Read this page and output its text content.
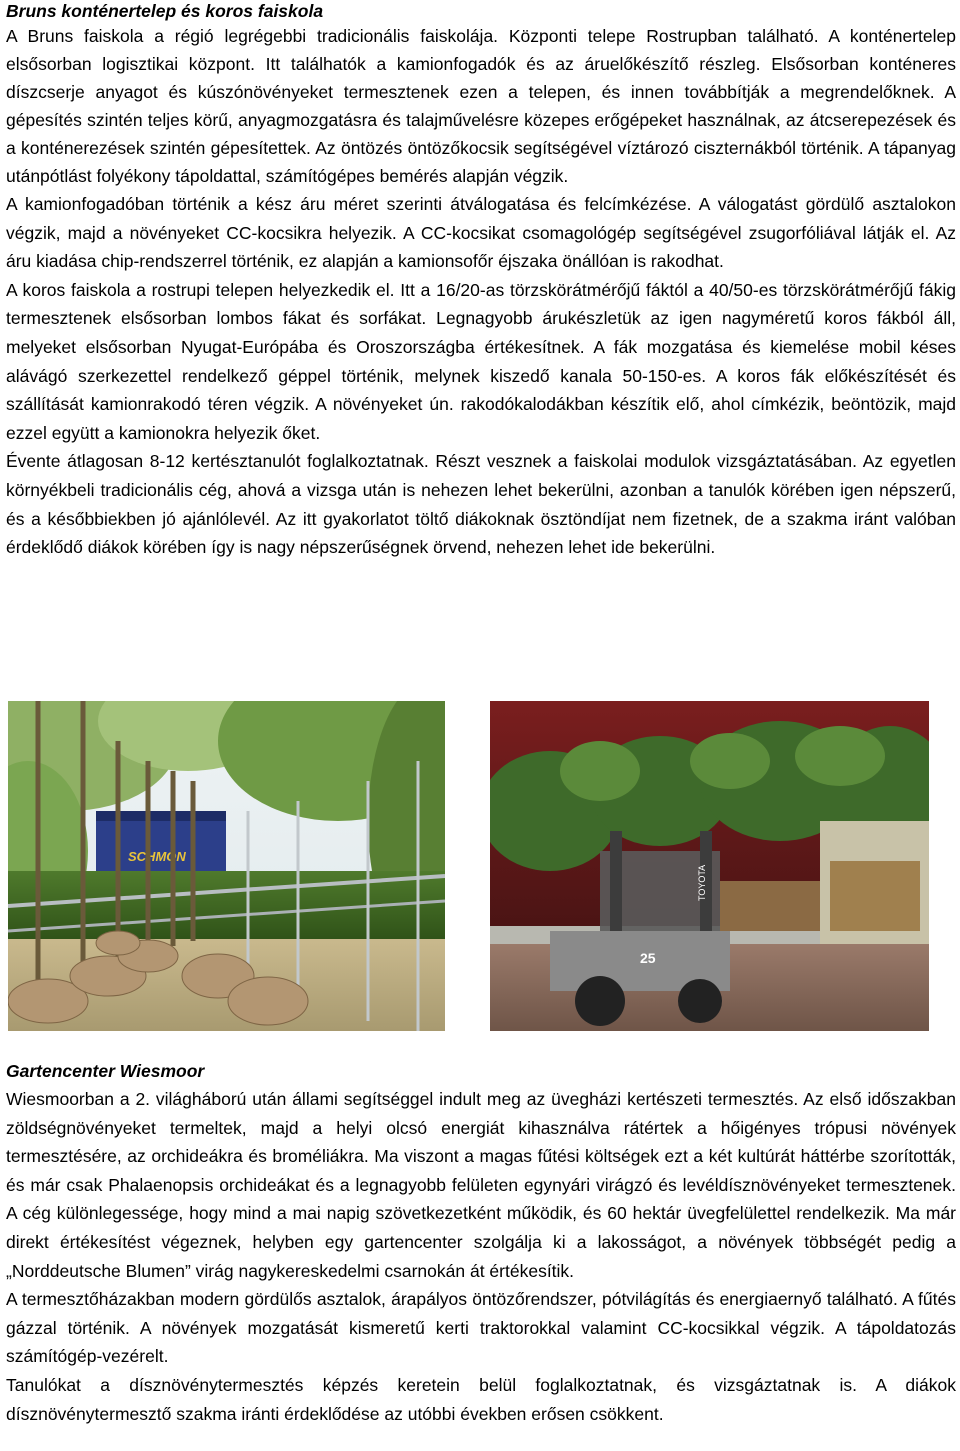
Bruns konténertelep és koros faiskola

A Bruns faiskola a régió legrégebbi tradicionális faiskolája. Központi telepe Rostrupban található. A konténertelep elsősorban logisztikai központ. Itt találhatók a kamionfogadók és az áruelőkészítő részleg. Elsősorban konténeres díszcserje anyagot és kúszónövényeket termesztenek ezen a telepen, és innen továbbítják a megrendelőknek. A gépesítés szintén teljes körű, anyagmozgatásra és talajművelésre közepes erőgépeket használnak, az átcserepezések és a konténerezések szintén gépesítettek. Az öntözés öntözőkocsik segítségével víztározó ciszternákból történik. A tápanyag utánpótlást folyékony tápoldattal, számítógépes bemérés alapján végzik.

A kamionfogadóban történik a kész áru méret szerinti átválogatása és felcímkézése. A válogatást gördülő asztalokon végzik, majd a növényeket CC-kocsikra helyezik. A CC-kocsikat csomagológép segítségével zsugorfóliával látják el. Az áru kiadása chip-rendszerrel történik, ez alapján a kamionsofőr éjszaka önállóan is rakodhat.

A koros faiskola a rostrupi telepen helyezkedik el. Itt a 16/20-as törzskörátmérőjű fáktól a 40/50-es törzskörátmérőjű fákig termesztenek elsősorban lombos fákat és sorfákat. Legnagyobb árukészletük az igen nagyméretű koros fákból áll, melyeket elsősorban Nyugat-Európába és Oroszországba értékesítnek. A fák mozgatása és kiemelése mobil késes alávágó szerkezettel rendelkező géppel történik, melynek kiszedő kanala 50-150-es. A koros fák előkészítését és szállítását kamionrakodó téren végzik. A növényeket ún. rakodókalodákban készítik elő, ahol címkézik, beöntözik, majd ezzel együtt a kamionokra helyezik őket.

Évente átlagosan 8-12 kertésztanulót foglalkoztatnak. Részt vesznek a faiskolai modulok vizsgáztatásában. Az egyetlen környékbeli tradicionális cég, ahová a vizsga után is nehezen lehet bekerülni, azonban a tanulók körében igen népszerű, és a későbbiekben jó ajánlólevél. Az itt gyakorlatot töltő diákoknak ösztöndíjat nem fizetnek, de a szakma iránt valóban érdeklődő diákok körében így is nagy népszerűségnek örvend, nehezen lehet ide bekerülni.

SCHMON
TOYOTA
25
Gartencenter Wiesmoor

Wiesmoorban a 2. világháború után állami segítséggel indult meg az üvegházi kertészeti termesztés. Az első időszakban zöldségnövényeket termeltek, majd a helyi olcsó energiát kihasználva rátértek a hőigényes trópusi növények termesztésére, az orchideákra és broméliákra. Ma viszont a magas fűtési költségek ezt a két kultúrát háttérbe szorították, és már csak Phalaenopsis orchideákat és a legnagyobb felületen egynyári virágzó és levéldísznövényeket termesztenek. A cég különlegessége, hogy mind a mai napig szövetkezetként működik, és 60 hektár üvegfelülettel rendelkezik. Ma már direkt értékesítést végeznek, helyben egy gartencenter szolgálja ki a lakosságot, a növények többségét pedig a „Norddeutsche Blumen” virág nagykereskedelmi csarnokán át értékesítik.

A termesztőházakban modern gördülős asztalok, árapályos öntözőrendszer, pótvilágítás és energiaernyő található. A fűtés gázzal történik. A növények mozgatását kismeretű kerti traktorokkal valamint CC-kocsikkal végzik. A tápoldatozás számítógép-vezérelt.

Tanulókat a dísznövénytermesztés képzés keretein belül foglalkoztatnak, és vizsgáztatnak is. A diákok dísznövénytermesztő szakma iránti érdeklődése az utóbbi években erősen csökkent.
